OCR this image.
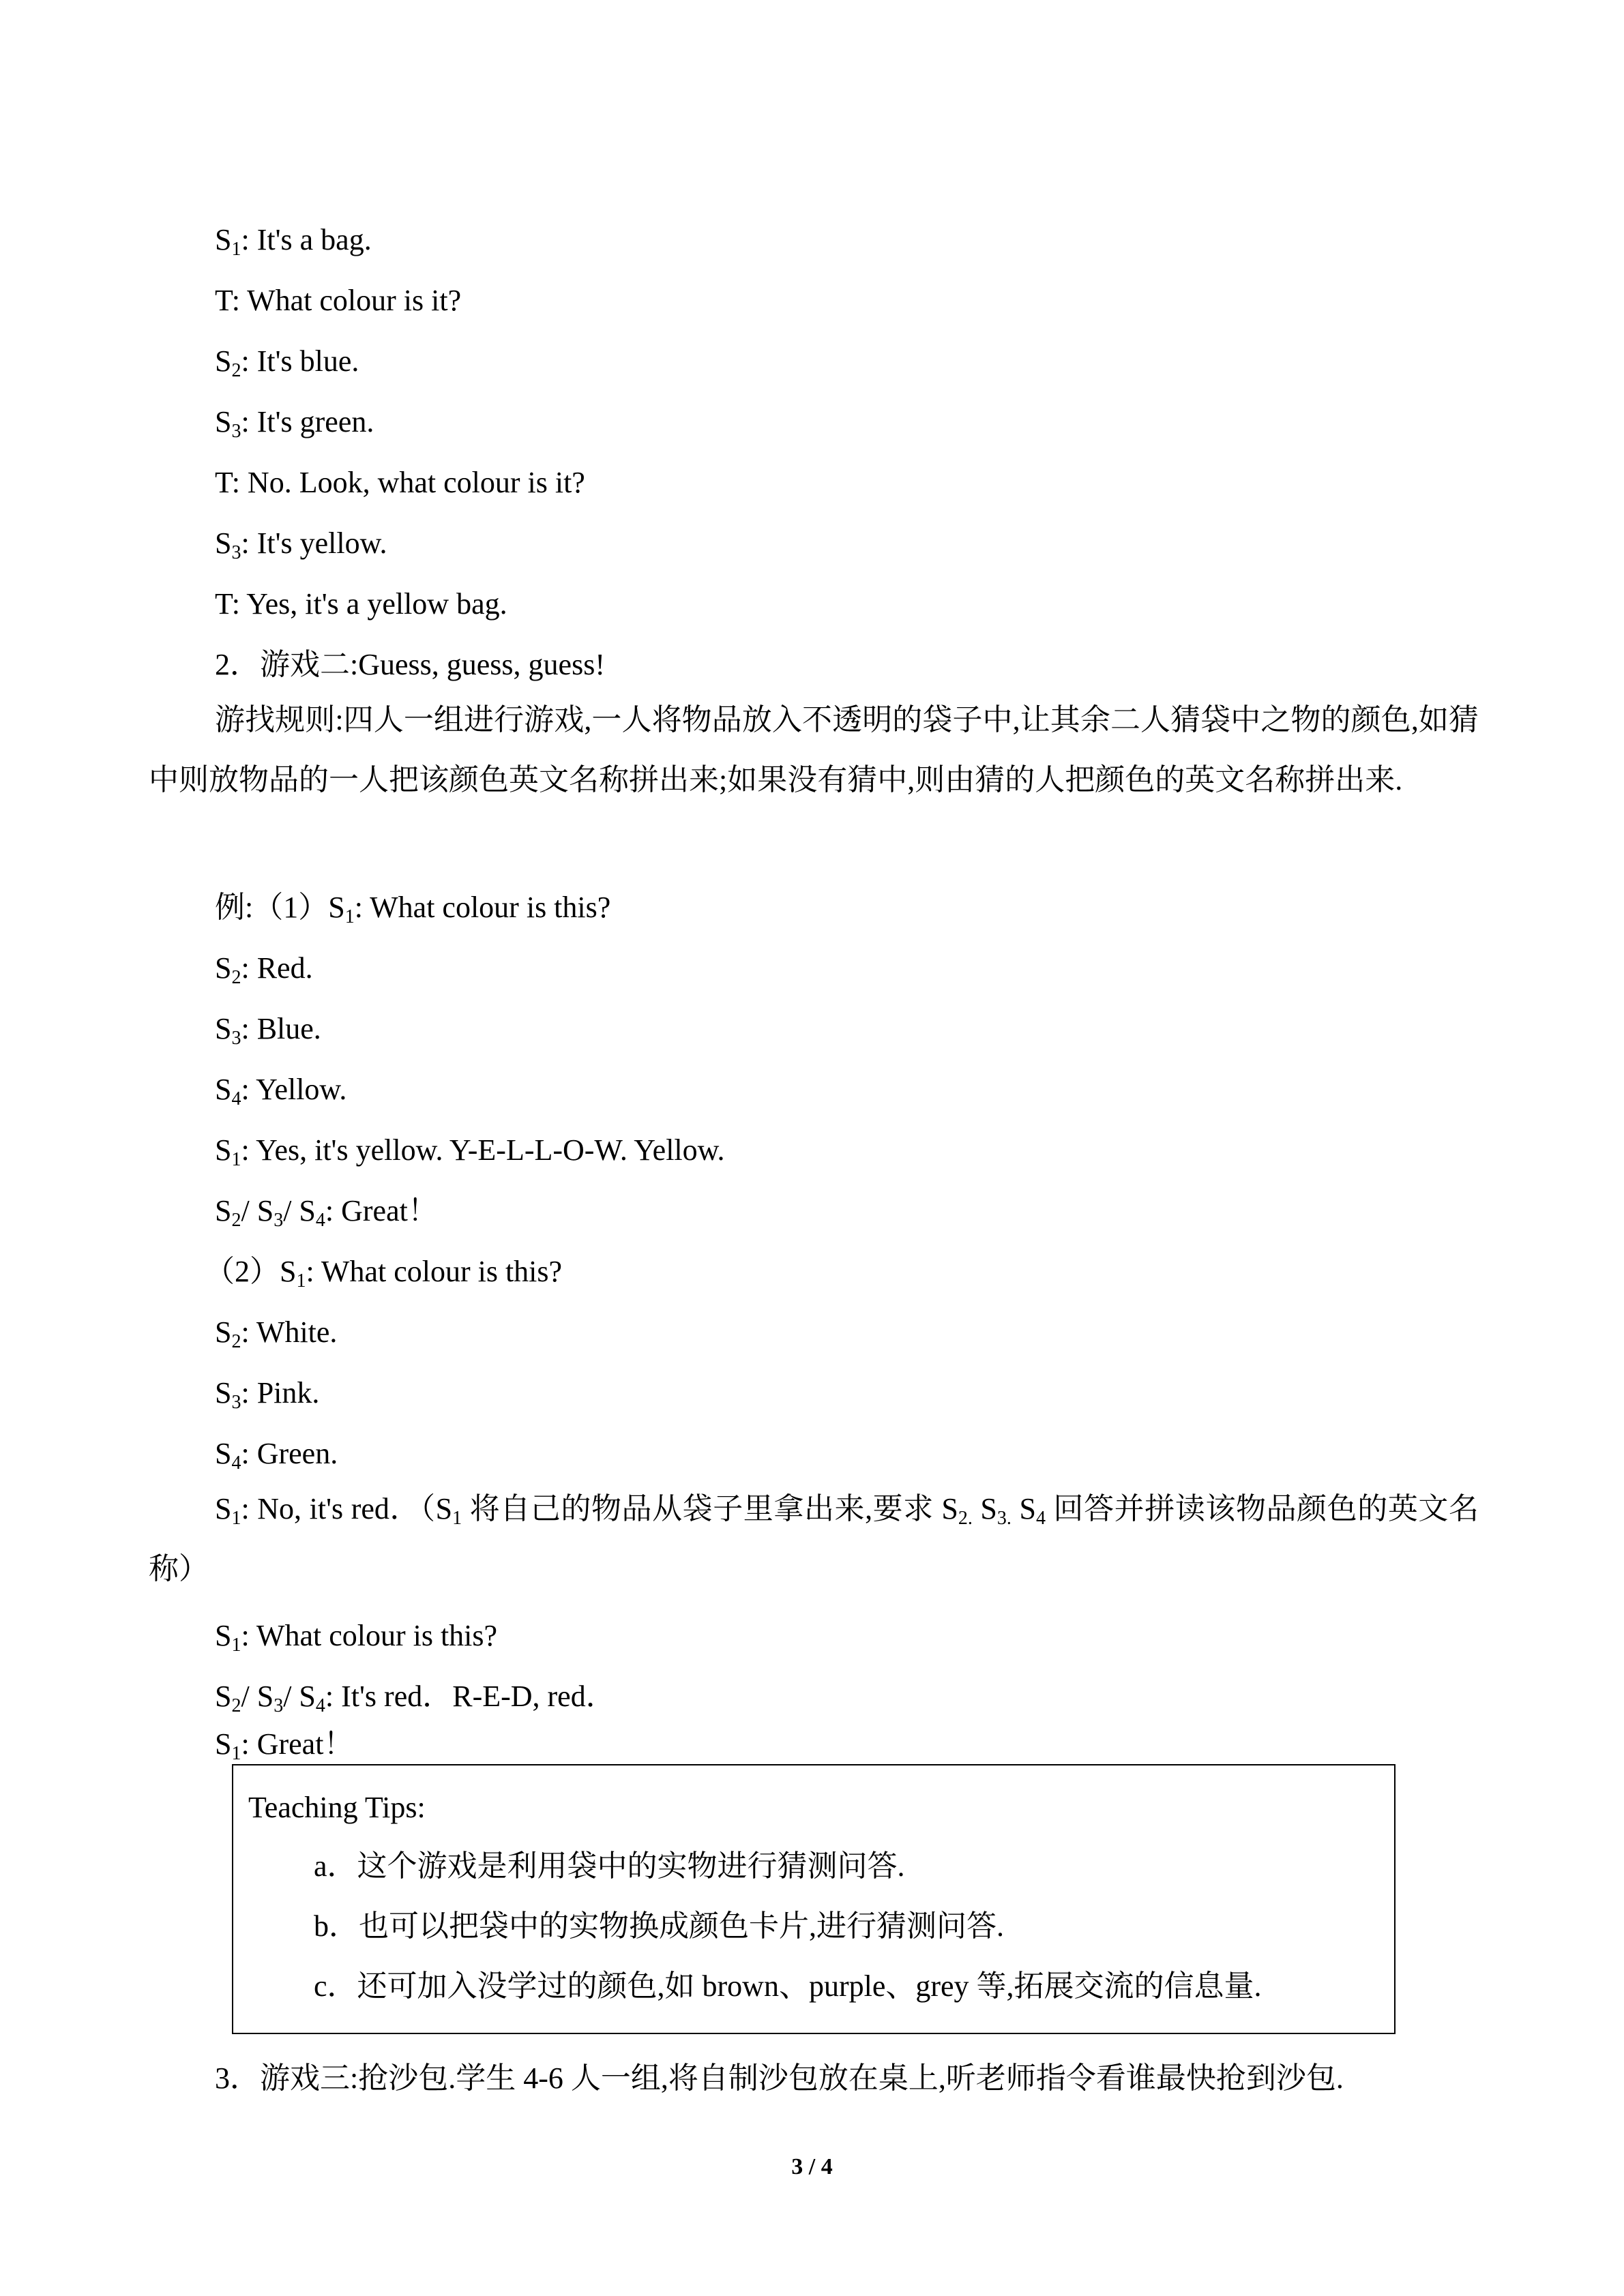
$S_1$: It's a bag.
T: What colour is it?
$S_2$: It's blue.
$S_3$: It's green.
T: No. Look, what colour is it?
$S_3$: It's yellow.
T: Yes, it's a yellow bag.
2．游戏二:Guess, guess, guess!
游找规则:四人一组进行游戏,一人将物品放入不透明的袋子中,让其余二人猜袋中之物的颜色,如猜中则放物品的一人把该颜色英文名称拼出来;如果没有猜中,则由猜的人把颜色的英文名称拼出来.
例$:(1)S_1$: What colour is this?
$S_2$: Red.
$S_3$: Blue.
$S_4$: Yellow.
$S_1$: Yes, it's yellow. Y-E-L-L-O-W. Yellow.
$S_2/$ $S_3/$ $S_4$: Great！
$(2)S_1$: What colour is this?
$S_2$: White.
$S_3$: Pink.
$S_4$: Green.
$S_1$: No, it's red．（$S_1$ 将自己的物品从袋子里拿出来,要求 $S_{2.}$ $S_{3.}$ $S_4$ 回答并拼读该物品颜色的英文名称）
$S_1$: What colour is this?
$S_2/$ $S_3/$ $S_4$: It's red．R-E-D, red．
$S_1$: Great！
Teaching Tips:
a．这个游戏是利用袋中的实物进行猜测问答.
b．也可以把袋中的实物换成颜色卡片,进行猜测问答.
c．还可加入没学过的颜色,如 brown、purple、grey 等,拓展交流的信息量.
3．游戏三:抢沙包.学生 4-6 人一组,将自制沙包放在桌上,听老师指令看谁最快抢到沙包.
3 / 4
